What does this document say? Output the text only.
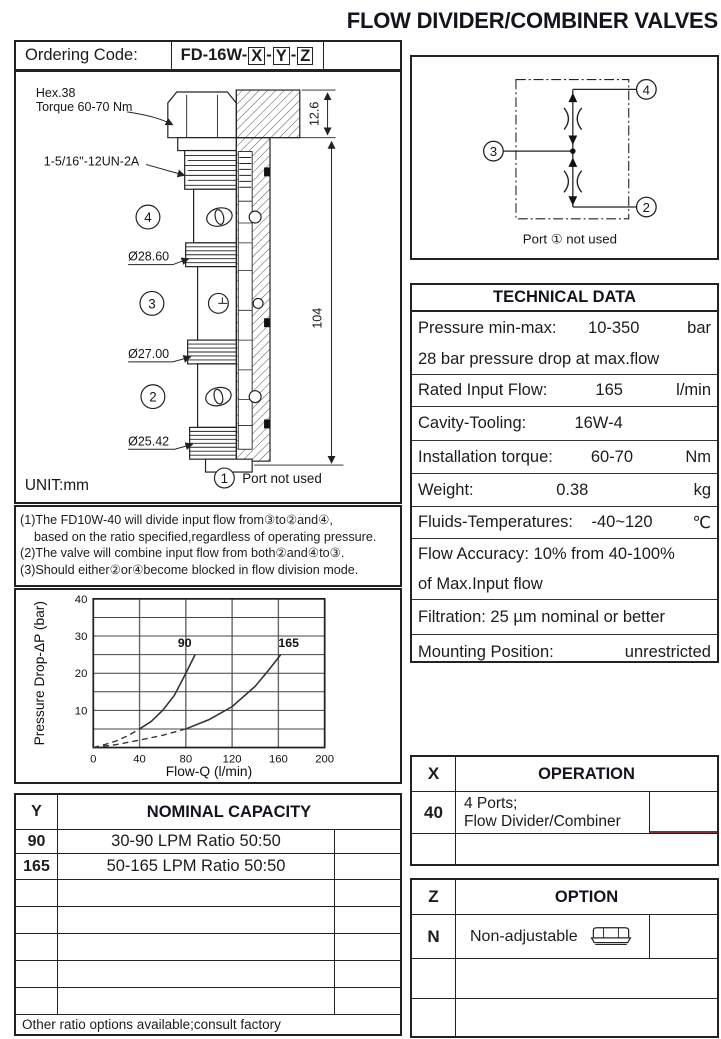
FLOW DIVIDER/COMBINER VALVES
Ordering Code:	FD-16W- X - Y - Z
Hex.38
Torque 60-70 Nm
1-5/16"-12UN-2A
Ø28.60
Ø27.00
Ø25.42
12.6
104
4
3
2
1 Port not used
UNIT:mm
(1)The FD10W-40 will divide input flow from③to②and④,
based on the ratio specified,regardless of operating pressure.
(2)The valve will combine input flow from both②and④to③.
(3)Should either②or④become blocked in flow division mode.
0	40	80	120 160 200
10
20
30
40
90	165
Flow-Q (l/min)
Pressure Drop-ΔP (bar)
4
3
2
Port ① not used
TECHNICAL DATA
Pressure min-max:	10-350	bar
28 bar pressure drop at max.flow
Rated Input Flow:	165	l/min
Cavity-Tooling:	16W-4
Installation torque:	60-70	Nm
Weight:	0.38	kg
Fluids-Temperatures:	-40~120	℃
Flow Accuracy: 10% from 40-100%
of Max.Input flow
Filtration: 25 µm nominal or better
Mounting Position:	unrestricted
Y	NOMINAL CAPACITY
90	30-90 LPM Ratio 50:50
165	50-165 LPM Ratio 50:50
Other ratio options available;consult factory
X	OPERATION
40	4 Ports;
Flow Divider/Combiner
Z	OPTION
N	Non-adjustable
